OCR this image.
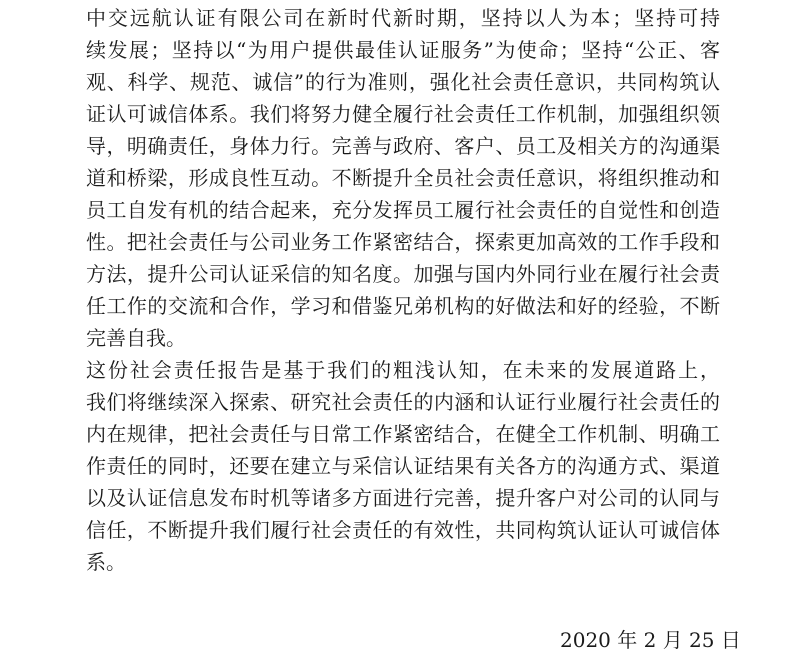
中交远航认证有限公司在新时代新时期，坚持以人为本；坚持可持
续发展；坚持以“为用户提供最佳认证服务”为使命；坚持“公正、客
观、科学、规范、诚信”的行为准则，强化社会责任意识，共同构筑认
证认可诚信体系。我们将努力健全履行社会责任工作机制，加强组织领
导，明确责任，身体力行。完善与政府、客户、员工及相关方的沟通渠
道和桥梁，形成良性互动。不断提升全员社会责任意识，将组织推动和
员工自发有机的结合起来，充分发挥员工履行社会责任的自觉性和创造
性。把社会责任与公司业务工作紧密结合，探索更加高效的工作手段和
方法，提升公司认证采信的知名度。加强与国内外同行业在履行社会责
任工作的交流和合作，学习和借鉴兄弟机构的好做法和好的经验，不断
完善自我。
这份社会责任报告是基于我们的粗浅认知，在未来的发展道路上，
我们将继续深入探索、研究社会责任的内涵和认证行业履行社会责任的
内在规律，把社会责任与日常工作紧密结合，在健全工作机制、明确工
作责任的同时，还要在建立与采信认证结果有关各方的沟通方式、渠道
以及认证信息发布时机等诸多方面进行完善，提升客户对公司的认同与
信任，不断提升我们履行社会责任的有效性，共同构筑认证认可诚信体
系。
2020 年 2 月 25 日
